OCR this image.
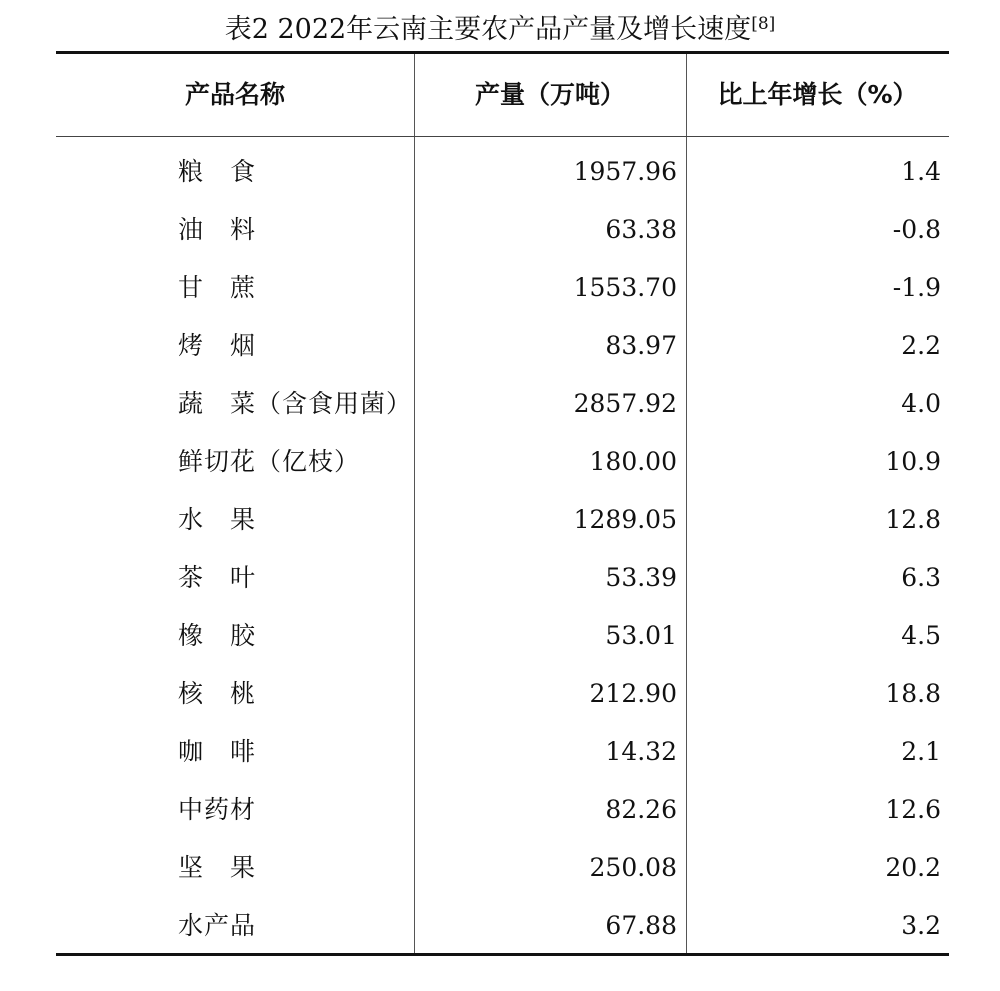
表2 2022年云南主要农产品产量及增长速度[8]
产品名称	产量（万吨）	比上年增长（%）
粮　食	1957.96	1.4
油　料	63.38	-0.8
甘　蔗	1553.70	-1.9
烤　烟	83.97	2.2
蔬　菜（含食用菌）	2857.92	4.0
鲜切花（亿枝）	180.00	10.9
水　果	1289.05	12.8
茶　叶	53.39	6.3
橡　胶	53.01	4.5
核　桃	212.90	18.8
咖　啡	14.32	2.1
中药材	82.26	12.6
坚　果	250.08	20.2
水产品	67.88	3.2
